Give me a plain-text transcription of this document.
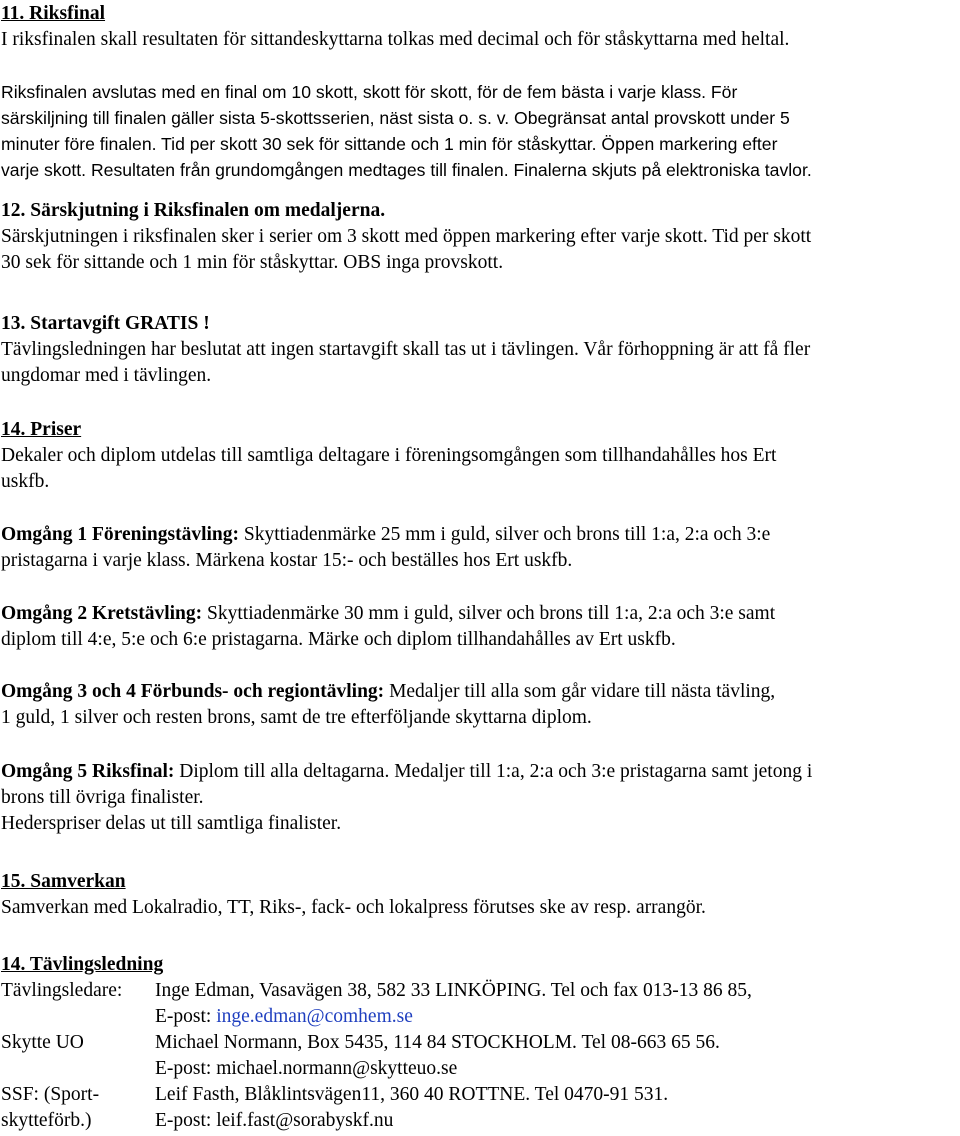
11. Riksfinal

I riksfinalen skall resultaten för sittandeskyttarna tolkas med decimal och för ståskyttarna med heltal.

Riksfinalen avslutas med en final om 10 skott, skott för skott, för de fem bästa i varje klass. För

särskiljning till finalen gäller sista 5-skottsserien, näst sista o. s. v. Obegränsat antal provskott under 5

minuter före finalen. Tid per skott 30 sek för sittande och 1 min för ståskyttar. Öppen markering efter

varje skott. Resultaten från grundomgången medtages till finalen. Finalerna skjuts på elektroniska tavlor.

12. Särskjutning i Riksfinalen om medaljerna.

Särskjutningen i riksfinalen sker i serier om 3 skott med öppen markering efter varje skott. Tid per skott

30 sek för sittande och 1 min för ståskyttar. OBS inga provskott.

13. Startavgift GRATIS !

Tävlingsledningen har beslutat att ingen startavgift skall tas ut i tävlingen. Vår förhoppning är att få fler

ungdomar med i tävlingen.

14. Priser

Dekaler och diplom utdelas till samtliga deltagare i föreningsomgången som tillhandahålles hos Ert

uskfb.

Omgång 1 Föreningstävling: Skyttiadenmärke 25 mm i guld, silver och brons till 1:a, 2:a och 3:e

pristagarna i varje klass. Märkena kostar 15:- och beställes hos Ert uskfb.

Omgång 2 Kretstävling: Skyttiadenmärke 30 mm i guld, silver och brons till 1:a, 2:a och 3:e samt

diplom till 4:e, 5:e och 6:e pristagarna. Märke och diplom tillhandahålles av Ert uskfb.

Omgång 3 och 4 Förbunds- och regiontävling: Medaljer till alla som går vidare till nästa tävling,

1 guld, 1 silver och resten brons, samt de tre efterföljande skyttarna diplom.

Omgång 5 Riksfinal: Diplom till alla deltagarna. Medaljer till 1:a, 2:a och 3:e pristagarna samt jetong i

brons till övriga finalister.

Hederspriser delas ut till samtliga finalister.

15. Samverkan

Samverkan med Lokalradio, TT, Riks-, fack- och lokalpress förutses ske av resp. arrangör.

14. Tävlingsledning

Tävlingsledare: Inge Edman, Vasavägen 38, 582 33 LINKÖPING. Tel och fax 013-13 86 85,
E-post: inge.edman@comhem.se
Skytte UO	Michael Normann, Box 5435, 114 84 STOCKHOLM. Tel 08-663 65 56.
E-post: michael.normann@skytteuo.se
SSF: (Sport-	Leif Fasth, Blåklintsvägen11, 360 40 ROTTNE. Tel 0470-91 531.
skytteförb.)	E-post: leif.fast@sorabyskf.nu
